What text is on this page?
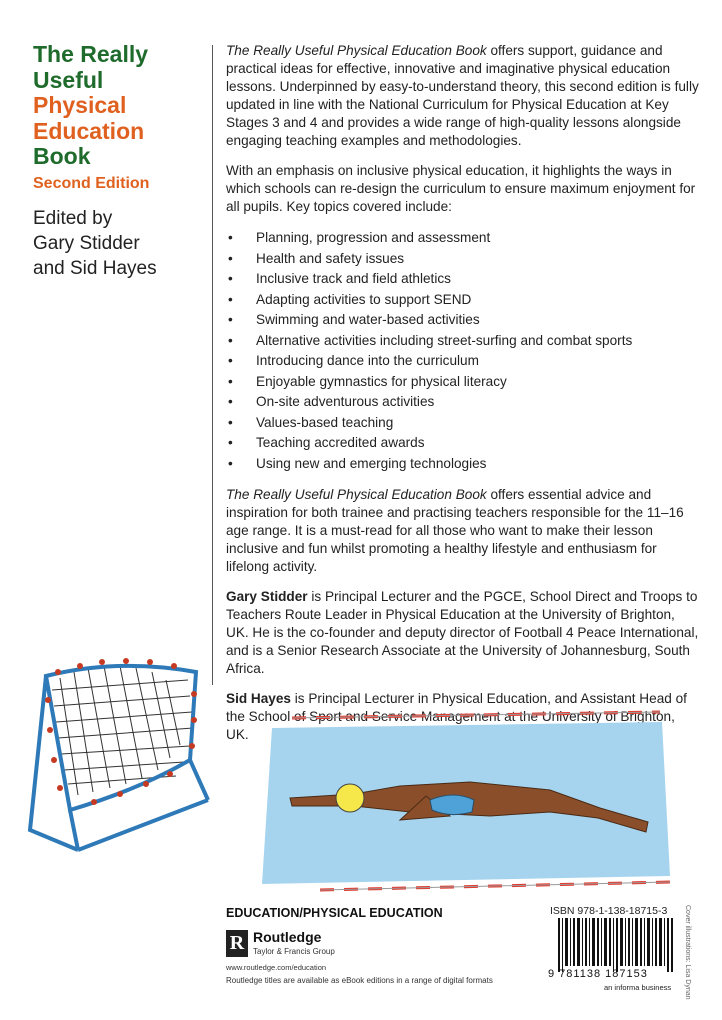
The Really
Useful
Physical
Education
Book
Second Edition
Edited by
Gary Stidder
and Sid Hayes

The Really Useful Physical Education Book offers support, guidance and practical ideas for effective, innovative and imaginative physical education lessons. Underpinned by easy-to-understand theory, this second edition is fully updated in line with the National Curriculum for Physical Education at Key Stages 3 and 4 and provides a wide range of high-quality lessons alongside engaging teaching examples and methodologies.

With an emphasis on inclusive physical education, it highlights the ways in which schools can re-design the curriculum to ensure maximum enjoyment for all pupils. Key topics covered include:

• Planning, progression and assessment
• Health and safety issues
• Inclusive track and field athletics
• Adapting activities to support SEND
• Swimming and water-based activities
• Alternative activities including street-surfing and combat sports
• Introducing dance into the curriculum
• Enjoyable gymnastics for physical literacy
• On-site adventurous activities
• Values-based teaching
• Teaching accredited awards
• Using new and emerging technologies

The Really Useful Physical Education Book offers essential advice and inspiration for both trainee and practising teachers responsible for the 11–16 age range. It is a must-read for all those who want to make their lesson inclusive and fun whilst promoting a healthy lifestyle and enthusiasm for lifelong activity.

Gary Stidder is Principal Lecturer and the PGCE, School Direct and Troops to Teachers Route Leader in Physical Education at the University of Brighton, UK. He is the co-founder and deputy director of Football 4 Peace International, and is a Senior Research Associate at the University of Johannesburg, South Africa.

Sid Hayes is Principal Lecturer in Physical Education, and Assistant Head of the School of Sport and Service Management at the University of Brighton, UK.

EDUCATION/PHYSICAL EDUCATION
R Routledge
Taylor & Francis Group
www.routledge.com/education
Routledge titles are available as eBook editions in a range of digital formats
ISBN 978-1-138-18715-3
9 781138 187153
an informa business Cover illustrations: Lisa Dynan
